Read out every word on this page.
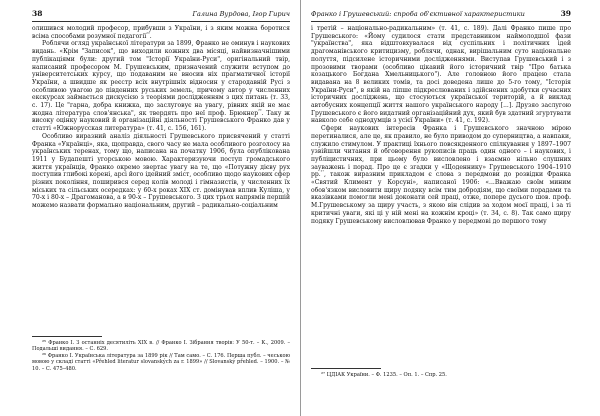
38	Галина Вурдова, Ігор Гирич

олишився молодий професор, прибувши з України, і з яким можна боротися всіма способами розумної педагогії$^{^{25}}$.

Роблячи огляд української літератури за 1899, Франко не оминув і наукових видань. «Крім "Записок", що виходили кожних два місяці, найвизначнішими публікаціями були: другий том "Історії України-Руси", оригінальний твір, написаний професором М. Грушевським, призначений служити вступом до університетських курсу, що подаваним не вносив ніх прагматичної історії України, а швидше як реєстр всіх внутрішніх відносин у стародавній Русі з особливою увагою до південних руських земель, причому автор у численних екскурсах займається дискусією з теоріями дослідженням з цих питань (т. 33, с. 17). Це "гарна, добра книжка, що заслуговує на увагу, рівних якій не має жодна література слов'янська", як твердять про неї проф. Брюкнер$^{^{26}}$. Таку ж високу оцінку науковий й організаційні діяльності Грушевського Франко дав у статті «Южнорусская литература» (т. 41, с. 156, 161).

Особливо виразний аналіз діяльності Грушевського присвячений у статті Франка «Українці», яка, щоправда, свого часу не мала особливого розголосу на українських теренах, тому що, написана на початку 1906, була опублікована 1911 у Будапешті угорською мовою. Характеризуючи поступ громадського життя українців, Франко окремо звертає увагу на те, що «Потужну дієву рух поступив глибокі корені, арсі його ідейний зміст, особливо щодо наукових сфер різних покоління, поширився серед колів молоді і гімназистів, у численних їх міських та сільських осередках: у 60-х роках XIX ст. домінував вплив Куліша, у 70-х і 80-х – Драгоманова, а в 90-х – Грушевського. З цих трьох напрямів першій можемо назвати формально національним, другий – радикально-соціальним

²⁵ Франко І. З останніх десятиліть XIX в. // Франко І. Зібрання творів: У 50-т. – К., 2009. – Подальші видання. – С. 629.

²⁶ Франко І. Українська література за 1899 рік // Там само. – С. 176. Перша публ. – чеською мовою у складі статті «Přehled literatur slovanských za r. 1899» // Slovanský přehled. – 1900. – № 10. – С. 475–480.

Франко і Грушевський: спроба об'єктивної характеристики	39

і третій – національно-радикальним» (т. 41, с. 189). Далі Франко пише про Грушевського: «Йому судилося стати представником наймолодшої фази "українства", яка відштовхувалася від суспільних і політичних ідей драгоманівського критицизму, роблячи, однак, вирішальним суто національне полуття, підсилене історичними дослідженнями. Виступав Грушевський і з прозовими творами (особливо цікавий його історичний твір "Про батька козацького Богдана Хмельницького"). Але головною його працею стала видавана на 8 великих томів, та досі доведена лише до 5-го тому, "Історія України-Руси", в якій на ліпше підкреслюваних і здійснених здобутки сучасних історичних досліджень, що стосуються української територій, а й виклад автобусних концепції життя нашого українського народу [...]. Друзяо заслугою Грушевського є його видатний організаційний дух, який був здатний згуртувати навколо себе однодумців з усієї України» (т. 41, с. 192).

Сфери наукових інтересів Франка і Грушевського значною мірою перетиналися, але це, як правило, не було приводом до суперництва, а навпаки, служило стимулом. У практиці їхнього повсякденного спілкування у 1897–1907 узвійшли читання й обговорення рукописів праць один одного – і наукових, і публіцистичних, при цьому було висловлено і взаємно нільно слушних зауважень і порад. Про це є згадки у «Щоденнику» Грушевського 1904–1910 рр.$^{^{27}}$, також виразним прикладом є слова з передмови до розвідки Франка «Святий Климент у Корсуні», написаної 1906: «...Вважаю своїм миним обов'язком висловити щиру подяку всім тим добродіям, що своїми порадами та вказівками помогли мені доконати сей праці, отже, попере дусього шов. проф. М.Грушевському за щиру участь, з якою він слідив за ходом моєї праці, і за ті критичні уваги, які ці у ній мені на кожнім кроці» (т. 34, с. 8). Так само щиру подяку Грушевському висловлював Франко у передмові до першого тому

²⁷ ЦДІАК України. – Ф. 1235. – Оп. 1. – Спр. 25.
